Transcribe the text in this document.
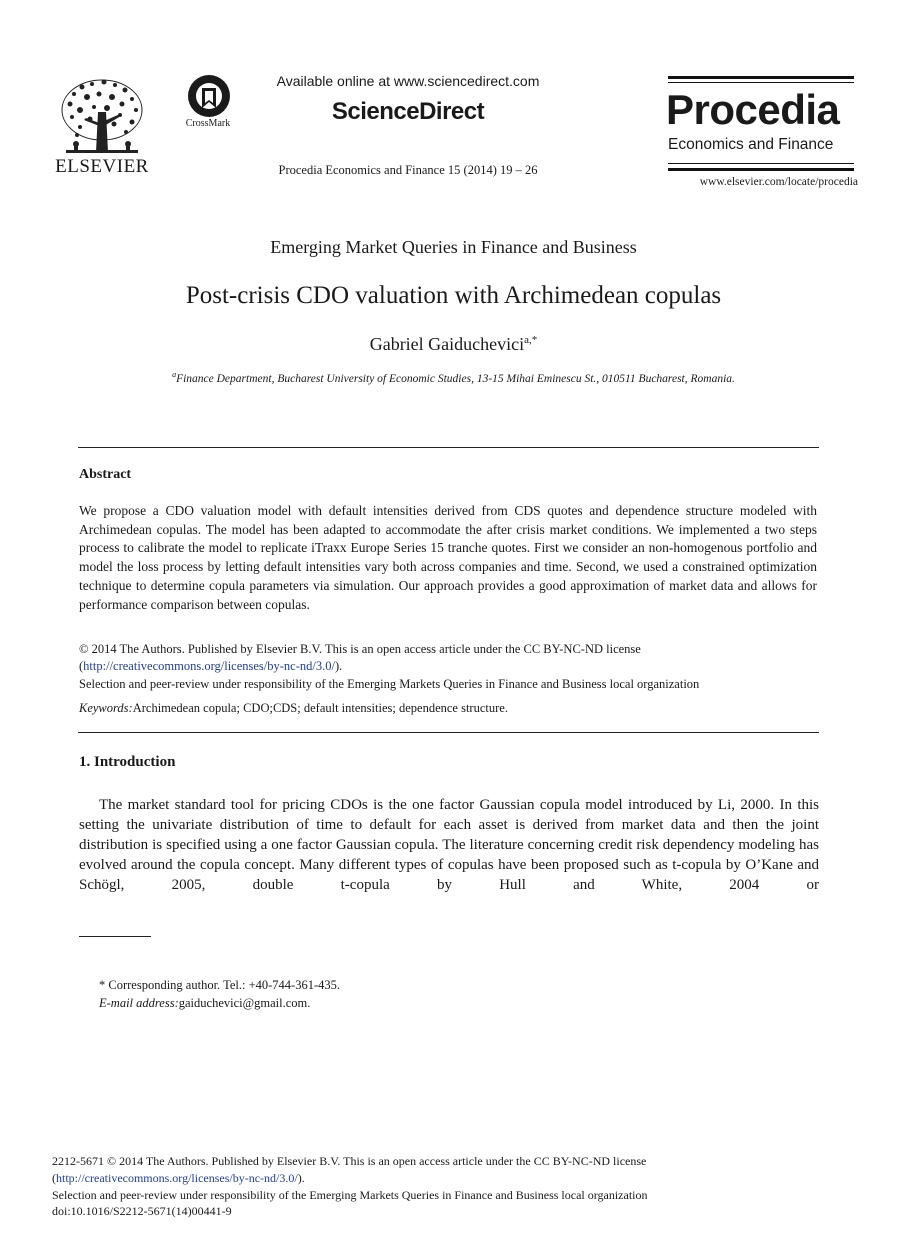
ELSEVIER
CrossMark
Available online at www.sciencedirect.com
ScienceDirect
Procedia Economics and Finance 15 (2014) 19 – 26
Procedia
Economics and Finance
www.elsevier.com/locate/procedia
Emerging Market Queries in Finance and Business
Post-crisis CDO valuation with Archimedean copulas
Gabriel Gaiduchevici$^{a,*}$
$^a$Finance Department, Bucharest University of Economic Studies, 13-15 Mihai Eminescu St., 010511 Bucharest, Romania.
Abstract
We propose a CDO valuation model with default intensities derived from CDS quotes and dependence structure modeled with Archimedean copulas. The model has been adapted to accommodate the after crisis market conditions. We implemented a two steps process to calibrate the model to replicate iTraxx Europe Series 15 tranche quotes. First we consider an non-homogenous portfolio and model the loss process by letting default intensities vary both across companies and time. Second, we used a constrained optimization technique to determine copula parameters via simulation. Our approach provides a good approximation of market data and allows for performance comparison between copulas.
© 2014 The Authors. Published by Elsevier B.V. This is an open access article under the CC BY-NC-ND license
(http://creativecommons.org/licenses/by-nc-nd/3.0/).
Selection and peer-review under responsibility of the Emerging Markets Queries in Finance and Business local organization
Keywords:Archimedean copula; CDO;CDS; default intensities; dependence structure.
1. Introduction
The market standard tool for pricing CDOs is the one factor Gaussian copula model introduced by Li, 2000. In this setting the univariate distribution of time to default for each asset is derived from market data and then the joint distribution is specified using a one factor Gaussian copula. The literature concerning credit risk dependency modeling has evolved around the copula concept. Many different types of copulas have been proposed such as t-copula by O’Kane and Schögl, 2005, double t-copula by Hull and White, 2004 or
* Corresponding author. Tel.: +40-744-361-435.
E-mail address:gaiduchevici@gmail.com.
2212-5671 © 2014 The Authors. Published by Elsevier B.V. This is an open access article under the CC BY-NC-ND license
(http://creativecommons.org/licenses/by-nc-nd/3.0/).
Selection and peer-review under responsibility of the Emerging Markets Queries in Finance and Business local organization
doi:10.1016/S2212-5671(14)00441-9
